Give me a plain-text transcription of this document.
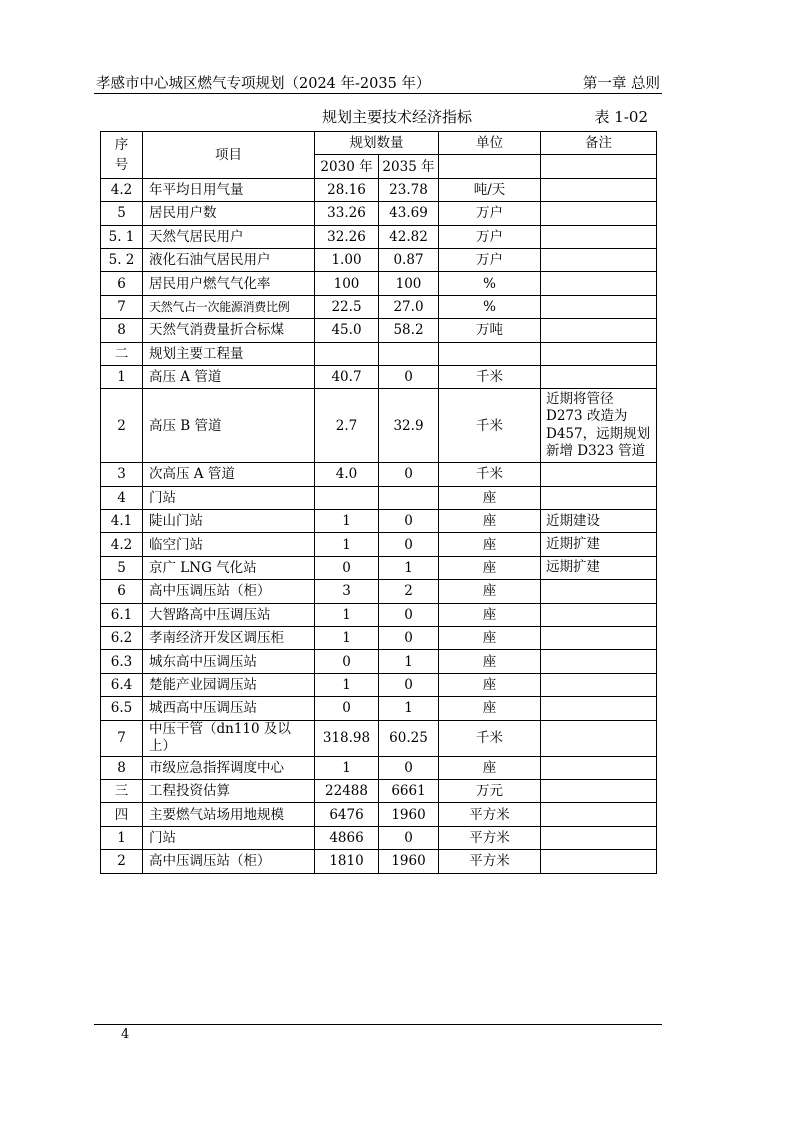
孝感市中心城区燃气专项规划（2024 年-2035 年）	第一章 总则
规划主要技术经济指标	表 1-02
序号	项目	规划数量		单位	备注
		2030 年	2035 年		
4.2	年平均日用气量	28.16	23.78	吨/天	
5	居民用户数	33.26	43.69	万户	
5. 1	天然气居民用户	32.26	42.82	万户	
5. 2	液化石油气居民用户	1.00	0.87	万户	
6	居民用户燃气气化率	100	100	%	
7	天然气占一次能源消费比例	22.5	27.0	%	
8	天然气消费量折合标煤	45.0	58.2	万吨	
二	规划主要工程量				
1	高压 A 管道	40.7	0	千米	
2	高压 B 管道	2.7	32.9	千米	近期将管径 D273 改造为 D457，远期规划新增 D323 管道
3	次高压 A 管道	4.0	0	千米	
4	门站			座	
4.1	陡山门站	1	0	座	近期建设
4.2	临空门站	1	0	座	近期扩建
5	京广 LNG 气化站	0	1	座	远期扩建
6	高中压调压站（柜）	3	2	座	
6.1	大智路高中压调压站	1	0	座	
6.2	孝南经济开发区调压柜	1	0	座	
6.3	城东高中压调压站	0	1	座	
6.4	楚能产业园调压站	1	0	座	
6.5	城西高中压调压站	0	1	座	
7	中压干管（dn110 及以上）	318.98	60.25	千米	
8	市级应急指挥调度中心	1	0	座	
三	工程投资估算	22488	6661	万元	
四	主要燃气站场用地规模	6476	1960	平方米	
1	门站	4866	0	平方米	
2	高中压调压站（柜）	1810	1960	平方米	
4
